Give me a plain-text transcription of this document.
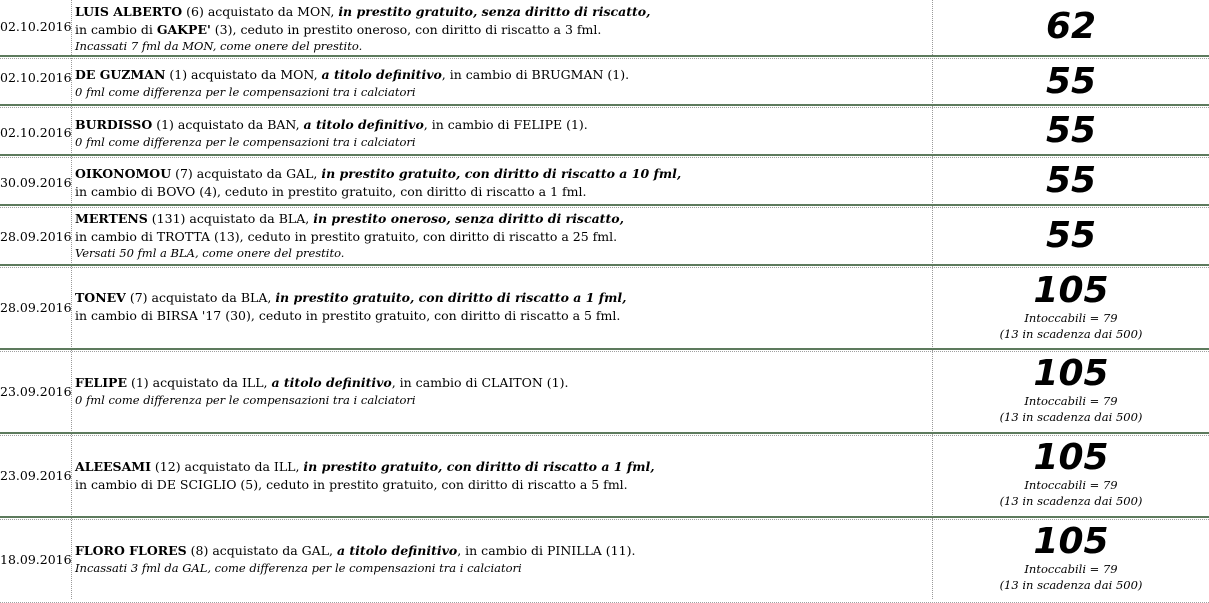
02.10.2016
LUIS ALBERTO (6) acquistato da MON, in prestito gratuito, senza diritto di riscatto,
in cambio di GAKPE' (3), ceduto in prestito oneroso, con diritto di riscatto a 3 fml.
Incassati 7 fml da MON, come onere del prestito.	62
02.10.2016 DE GUZMAN (1) acquistato da MON, a titolo definitivo, in cambio di BRUGMAN (1).
0 fml come differenza per le compensazioni tra i calciatori	55
02.10.2016
BURDISSO (1) acquistato da BAN, a titolo definitivo, in cambio di FELIPE (1).
0 fml come differenza per le compensazioni tra i calciatori	55
30.09.2016
OIKONOMOU (7) acquistato da GAL, in prestito gratuito, con diritto di riscatto a 10 fml,
in cambio di BOVO (4), ceduto in prestito gratuito, con diritto di riscatto a 1 fml.	55
28.09.2016
MERTENS (131) acquistato da BLA, in prestito oneroso, senza diritto di riscatto,
in cambio di TROTTA (13), ceduto in prestito gratuito, con diritto di riscatto a 25 fml.
Versati 50 fml a BLA, come onere del prestito.	55
28.09.2016
TONEV (7) acquistato da BLA, in prestito gratuito, con diritto di riscatto a 1 fml,
in cambio di BIRSA '17 (30), ceduto in prestito gratuito, con diritto di riscatto a 5 fml.
105
Intoccabili = 79
(13 in scadenza dai 500)
23.09.2016
FELIPE (1) acquistato da ILL, a titolo definitivo, in cambio di CLAITON (1).
0 fml come differenza per le compensazioni tra i calciatori
105
Intoccabili = 79
(13 in scadenza dai 500)
23.09.2016
ALEESAMI (12) acquistato da ILL, in prestito gratuito, con diritto di riscatto a 1 fml,
in cambio di DE SCIGLIO (5), ceduto in prestito gratuito, con diritto di riscatto a 5 fml.
105
Intoccabili = 79
(13 in scadenza dai 500)
18.09.2016
FLORO FLORES (8) acquistato da GAL, a titolo definitivo, in cambio di PINILLA (11).
Incassati 3 fml da GAL, come differenza per le compensazioni tra i calciatori
105
Intoccabili = 79
(13 in scadenza dai 500)
